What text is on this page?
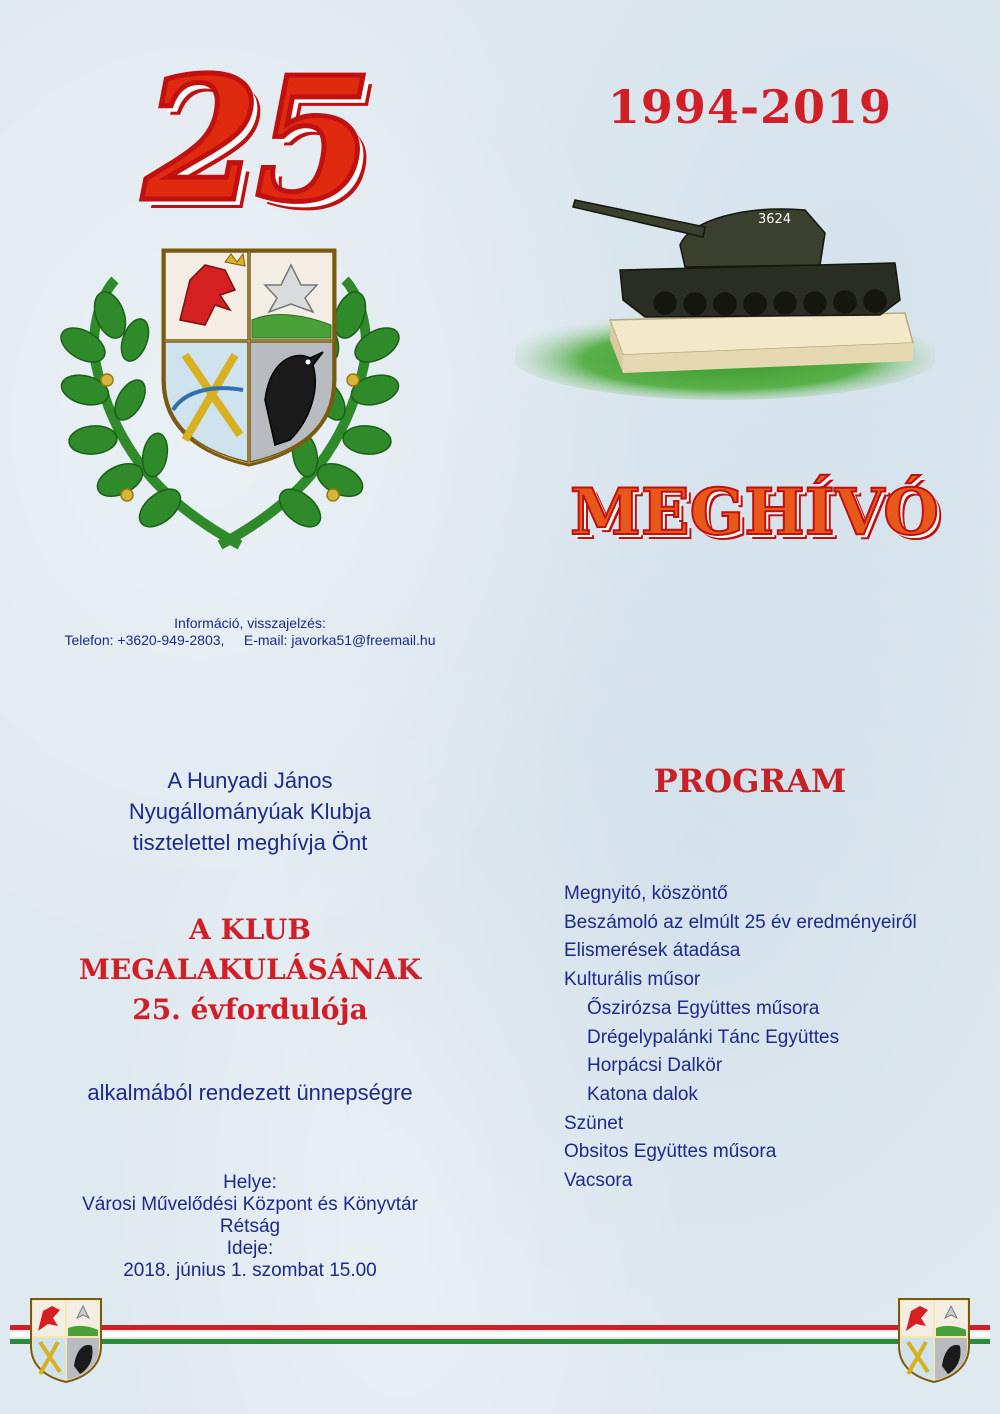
25	1994-2019
3624
MEGHÍVÓ
Információ, visszajelzés:
Telefon: +3620-949-2803, E-mail: javorka51@freemail.hu
A Hunyadi János
Nyugállományúak Klubja
tisztelettel meghívja Önt
A KLUB
MEGALAKULÁSÁNAK
25. évfordulója
alkalmából rendezett ünnepségre
Helye:
Városi Művelődési Központ és Könyvtár
Rétság
Ideje:
2018. június 1. szombat 15.00
PROGRAM
Megnyitó, köszöntő
Beszámoló az elmúlt 25 év eredményeiről
Elismerések átadása
Kulturális műsor
Őszirózsa Együttes műsora
Drégelypalánki Tánc Együttes
Horpácsi Dalkör
Katona dalok
Szünet
Obsitos Együttes műsora
Vacsora
